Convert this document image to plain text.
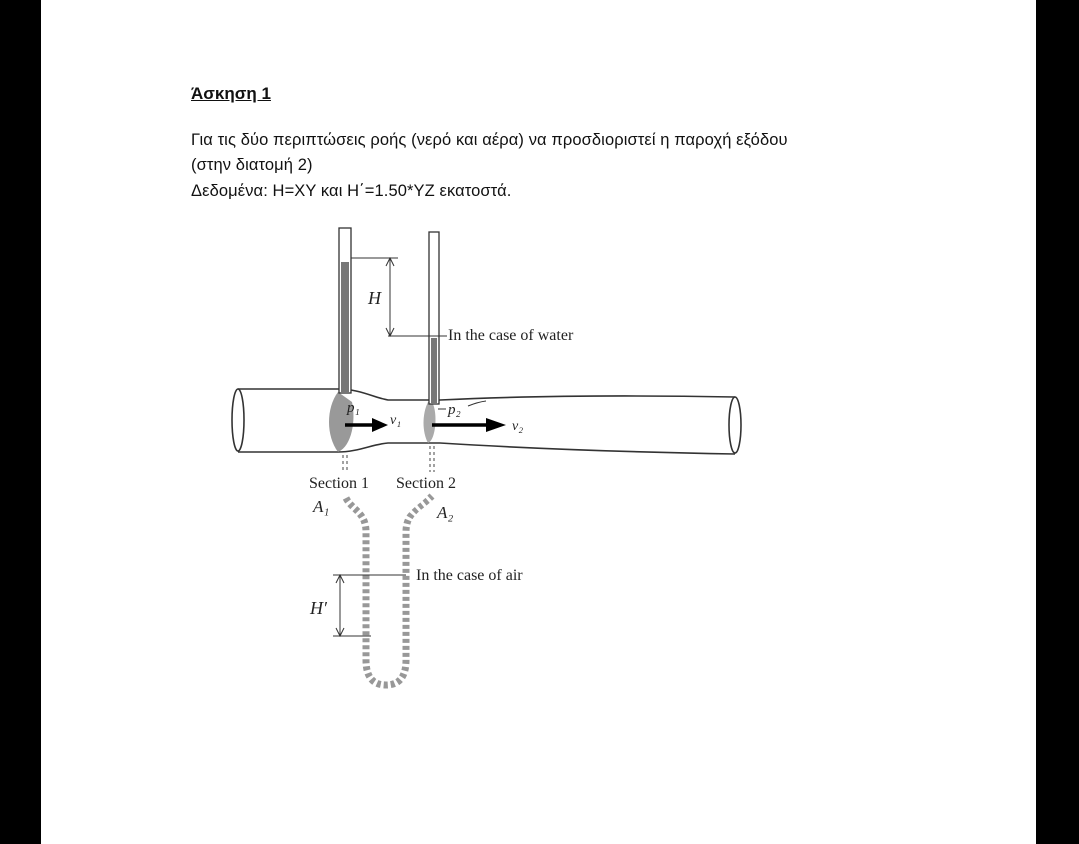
Άσκηση 1
Για τις δύο περιπτώσεις ροής (νερό και αέρα) να προσδιοριστεί η παροχή εξόδου
(στην διατομή 2)
Δεδομένα: H=XY και H΄=1.50*YZ εκατοστά.
H
In the case of water
p₁
v₁
p₂
v₂
Section 1 Section 2
A₁	A₂
H′
In the case of air
